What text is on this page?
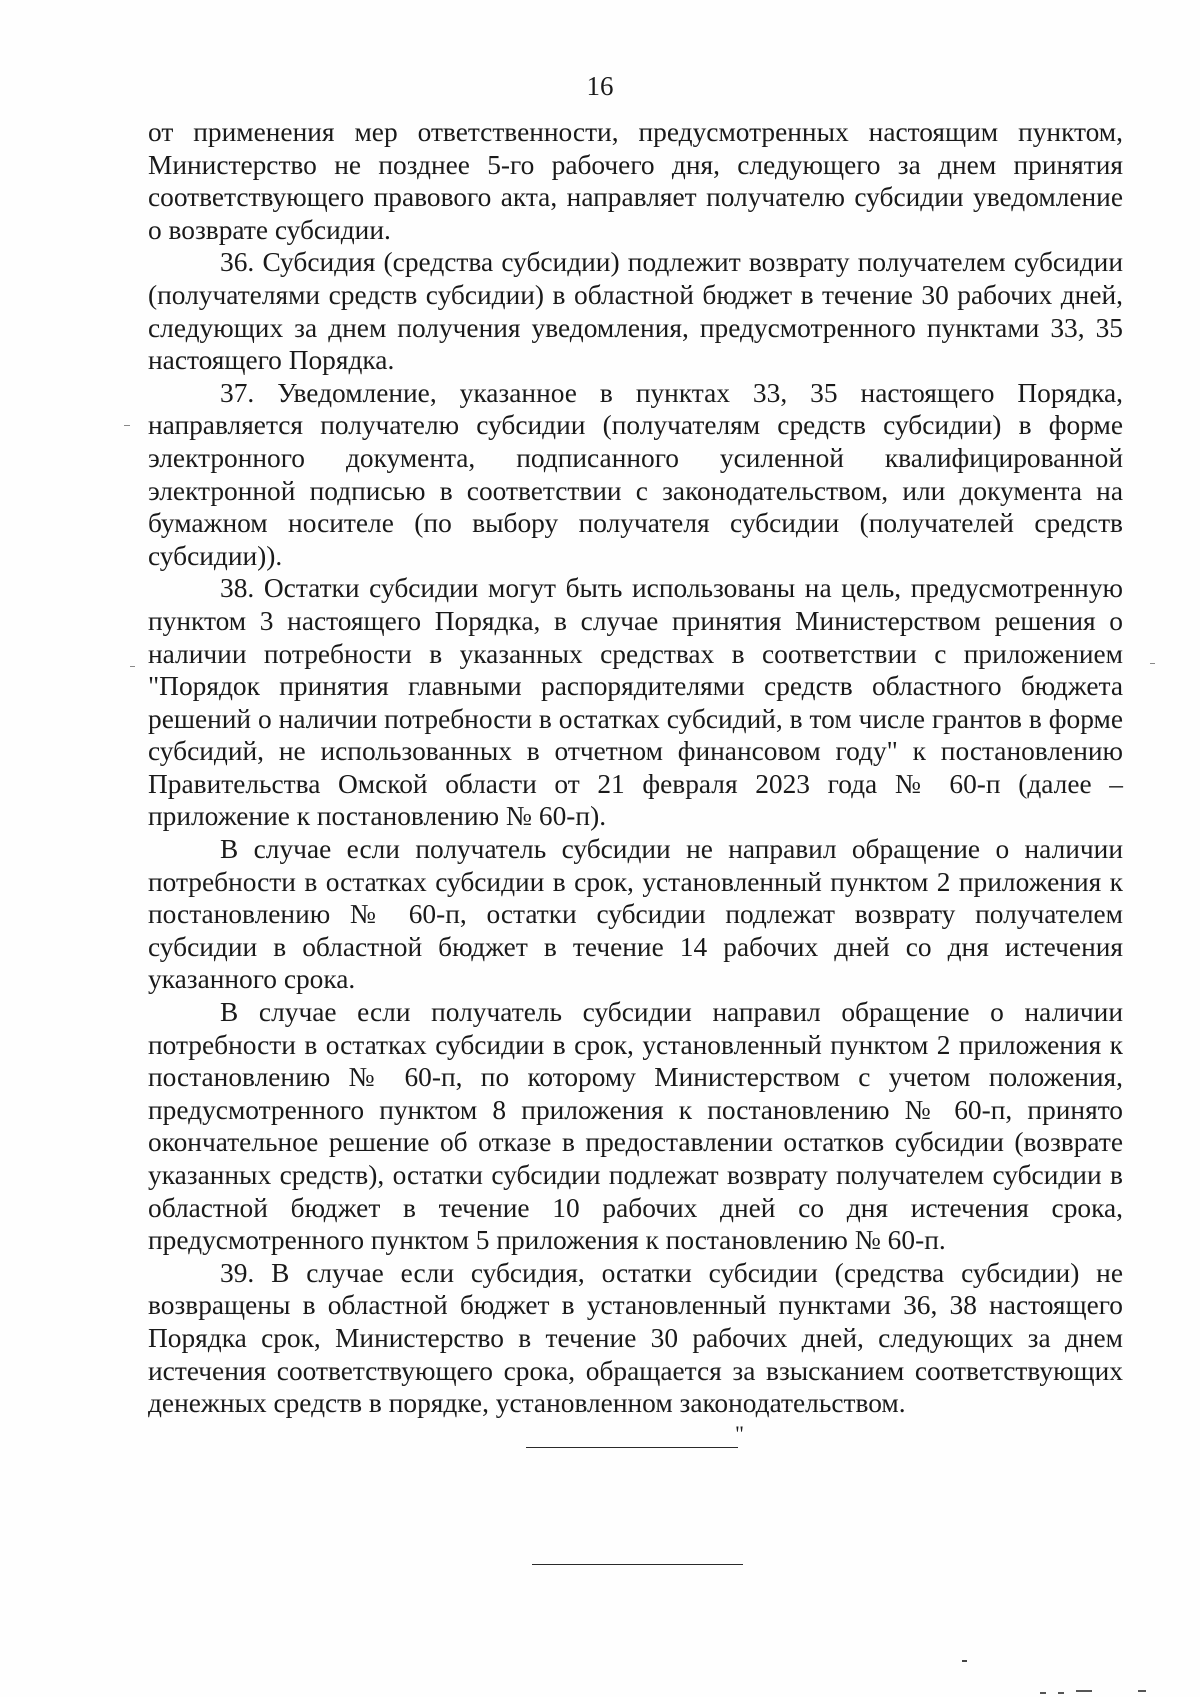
16

от применения мер ответственности, предусмотренных настоящим пунктом, Министерство не позднее 5-го рабочего дня, следующего за днем принятия соответствующего правового акта, направляет получателю субсидии уведомление о возврате субсидии.

36. Субсидия (средства субсидии) подлежит возврату получателем субсидии (получателями средств субсидии) в областной бюджет в течение 30 рабочих дней, следующих за днем получения уведомления, предусмотренного пунктами 33, 35 настоящего Порядка.

37. Уведомление, указанное в пунктах 33, 35 настоящего Порядка, направляется получателю субсидии (получателям средств субсидии) в форме электронного документа, подписанного усиленной квалифицированной электронной подписью в соответствии с законодательством, или документа на бумажном носителе (по выбору получателя субсидии (получателей средств субсидии)).

38. Остатки субсидии могут быть использованы на цель, предусмотренную пунктом 3 настоящего Порядка, в случае принятия Министерством решения о наличии потребности в указанных средствах в соответствии с приложением "Порядок принятия главными распорядителями средств областного бюджета решений о наличии потребности в остатках субсидий, в том числе грантов в форме субсидий, не использованных в отчетном финансовом году" к постановлению Правительства Омской области от 21 февраля 2023 года № 60-п (далее – приложение к постановлению № 60-п).

В случае если получатель субсидии не направил обращение о наличии потребности в остатках субсидии в срок, установленный пунктом 2 приложения к постановлению № 60-п, остатки субсидии подлежат возврату получателем субсидии в областной бюджет в течение 14 рабочих дней со дня истечения указанного срока.

В случае если получатель субсидии направил обращение о наличии потребности в остатках субсидии в срок, установленный пунктом 2 приложения к постановлению № 60-п, по которому Министерством с учетом положения, предусмотренного пунктом 8 приложения к постановлению № 60-п, принято окончательное решение об отказе в предоставлении остатков субсидии (возврате указанных средств), остатки субсидии подлежат возврату получателем субсидии в областной бюджет в течение 10 рабочих дней со дня истечения срока, предусмотренного пунктом 5 приложения к постановлению № 60-п.

39. В случае если субсидия, остатки субсидии (средства субсидии) не возвращены в областной бюджет в установленный пунктами 36, 38 настоящего Порядка срок, Министерство в течение 30 рабочих дней, следующих за днем истечения соответствующего срока, обращается за взысканием соответствующих денежных средств в порядке, установленном законодательством.

"
